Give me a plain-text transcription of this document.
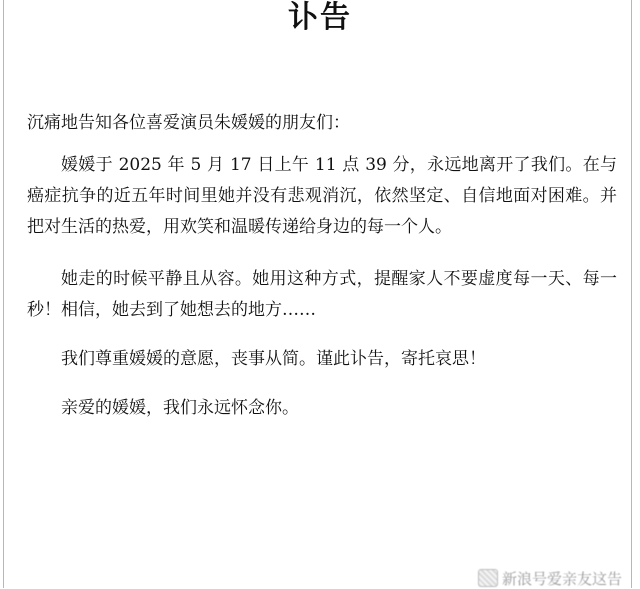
讣告
沉痛地告知各位喜爱演员朱媛媛的朋友们：

媛媛于 2025 年 5 月 17 日上午 11 点 39 分，永远地离开了我们。在与癌症抗争的近五年时间里她并没有悲观消沉，依然坚定、自信地面对困难。并把对生活的热爱，用欢笑和温暖传递给身边的每一个人。

她走的时候平静且从容。她用这种方式，提醒家人不要虚度每一天、每一秒！相信，她去到了她想去的地方……

我们尊重媛媛的意愿，丧事从简。谨此讣告，寄托哀思！

亲爱的媛媛，我们永远怀念你。

新浪号爱亲友这告
